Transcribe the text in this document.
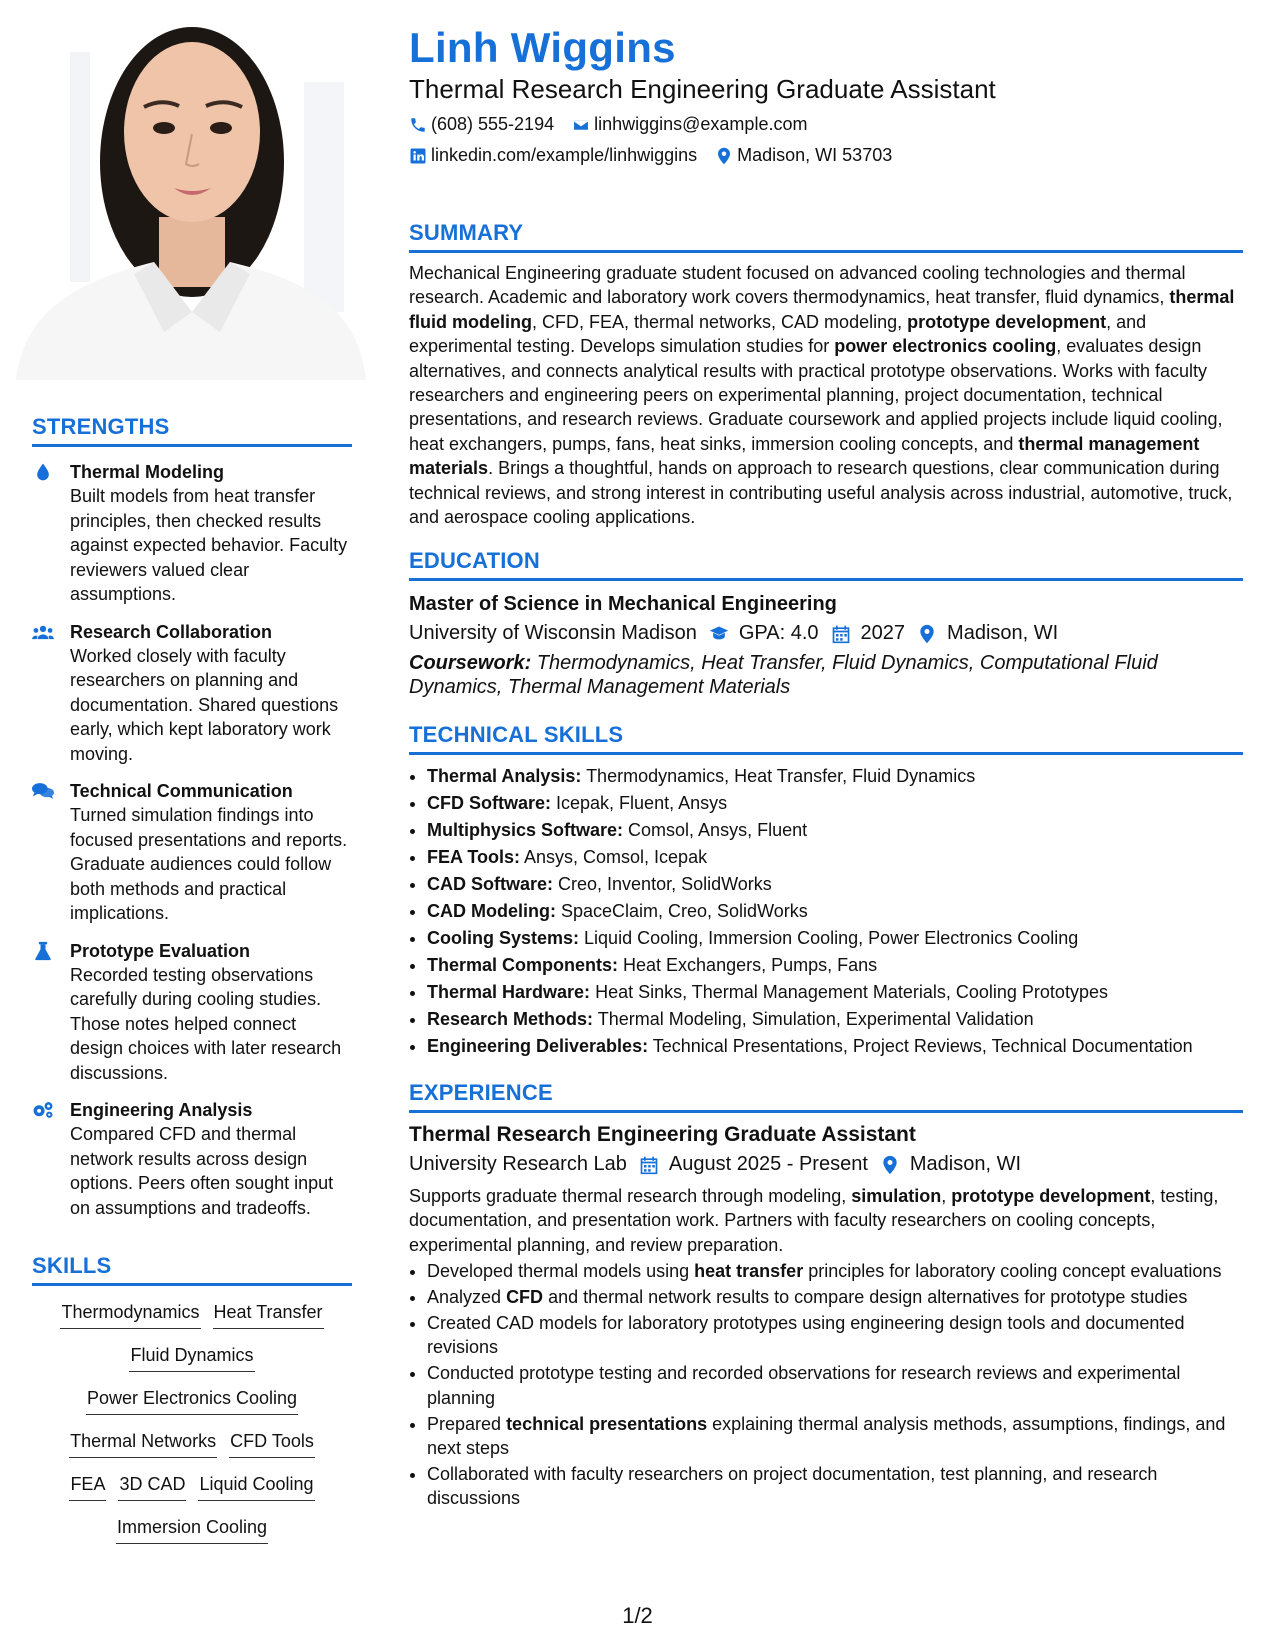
STRENGTHS
Thermal Modeling
Built models from heat transfer principles, then checked results against expected behavior. Faculty reviewers valued clear assumptions.
Research Collaboration
Worked closely with faculty researchers on planning and documentation. Shared questions early, which kept laboratory work moving.
Technical Communication
Turned simulation findings into focused presentations and reports. Graduate audiences could follow both methods and practical implications.
Prototype Evaluation
Recorded testing observations carefully during cooling studies. Those notes helped connect design choices with later research discussions.
Engineering Analysis
Compared CFD and thermal network results across design options. Peers often sought input on assumptions and tradeoffs.
SKILLS
Thermodynamics Heat Transfer
Fluid Dynamics
Power Electronics Cooling
Thermal Networks CFD Tools
FEA 3D CAD Liquid Cooling
Immersion Cooling
Linh Wiggins
Thermal Research Engineering Graduate Assistant
(608) 555-2194 linhwiggins@example.com
linkedin.com/example/linhwiggins Madison, WI 53703
SUMMARY
Mechanical Engineering graduate student focused on advanced cooling technologies and thermal research. Academic and laboratory work covers thermodynamics, heat transfer, fluid dynamics, thermal fluid modeling, CFD, FEA, thermal networks, CAD modeling, prototype development, and experimental testing. Develops simulation studies for power electronics cooling, evaluates design alternatives, and connects analytical results with practical prototype observations. Works with faculty researchers and engineering peers on experimental planning, project documentation, technical presentations, and research reviews. Graduate coursework and applied projects include liquid cooling, heat exchangers, pumps, fans, heat sinks, immersion cooling concepts, and thermal management materials. Brings a thoughtful, hands on approach to research questions, clear communication during technical reviews, and strong interest in contributing useful analysis across industrial, automotive, truck, and aerospace cooling applications.
EDUCATION
Master of Science in Mechanical Engineering
University of Wisconsin Madison GPA: 4.0 2027 Madison, WI
Coursework: Thermodynamics, Heat Transfer, Fluid Dynamics, Computational Fluid Dynamics, Thermal Management Materials
TECHNICAL SKILLS
• Thermal Analysis: Thermodynamics, Heat Transfer, Fluid Dynamics
• CFD Software: Icepak, Fluent, Ansys
• Multiphysics Software: Comsol, Ansys, Fluent
• FEA Tools: Ansys, Comsol, Icepak
• CAD Software: Creo, Inventor, SolidWorks
• CAD Modeling: SpaceClaim, Creo, SolidWorks
• Cooling Systems: Liquid Cooling, Immersion Cooling, Power Electronics Cooling
• Thermal Components: Heat Exchangers, Pumps, Fans
• Thermal Hardware: Heat Sinks, Thermal Management Materials, Cooling Prototypes
• Research Methods: Thermal Modeling, Simulation, Experimental Validation
• Engineering Deliverables: Technical Presentations, Project Reviews, Technical Documentation
EXPERIENCE
Thermal Research Engineering Graduate Assistant
University Research Lab August 2025 - Present Madison, WI
Supports graduate thermal research through modeling, simulation, prototype development, testing, documentation, and presentation work. Partners with faculty researchers on cooling concepts, experimental planning, and review preparation.
• Developed thermal models using heat transfer principles for laboratory cooling concept evaluations
• Analyzed CFD and thermal network results to compare design alternatives for prototype studies
• Created CAD models for laboratory prototypes using engineering design tools and documented revisions
• Conducted prototype testing and recorded observations for research reviews and experimental planning
• Prepared technical presentations explaining thermal analysis methods, assumptions, findings, and next steps
• Collaborated with faculty researchers on project documentation, test planning, and research discussions
1/2
